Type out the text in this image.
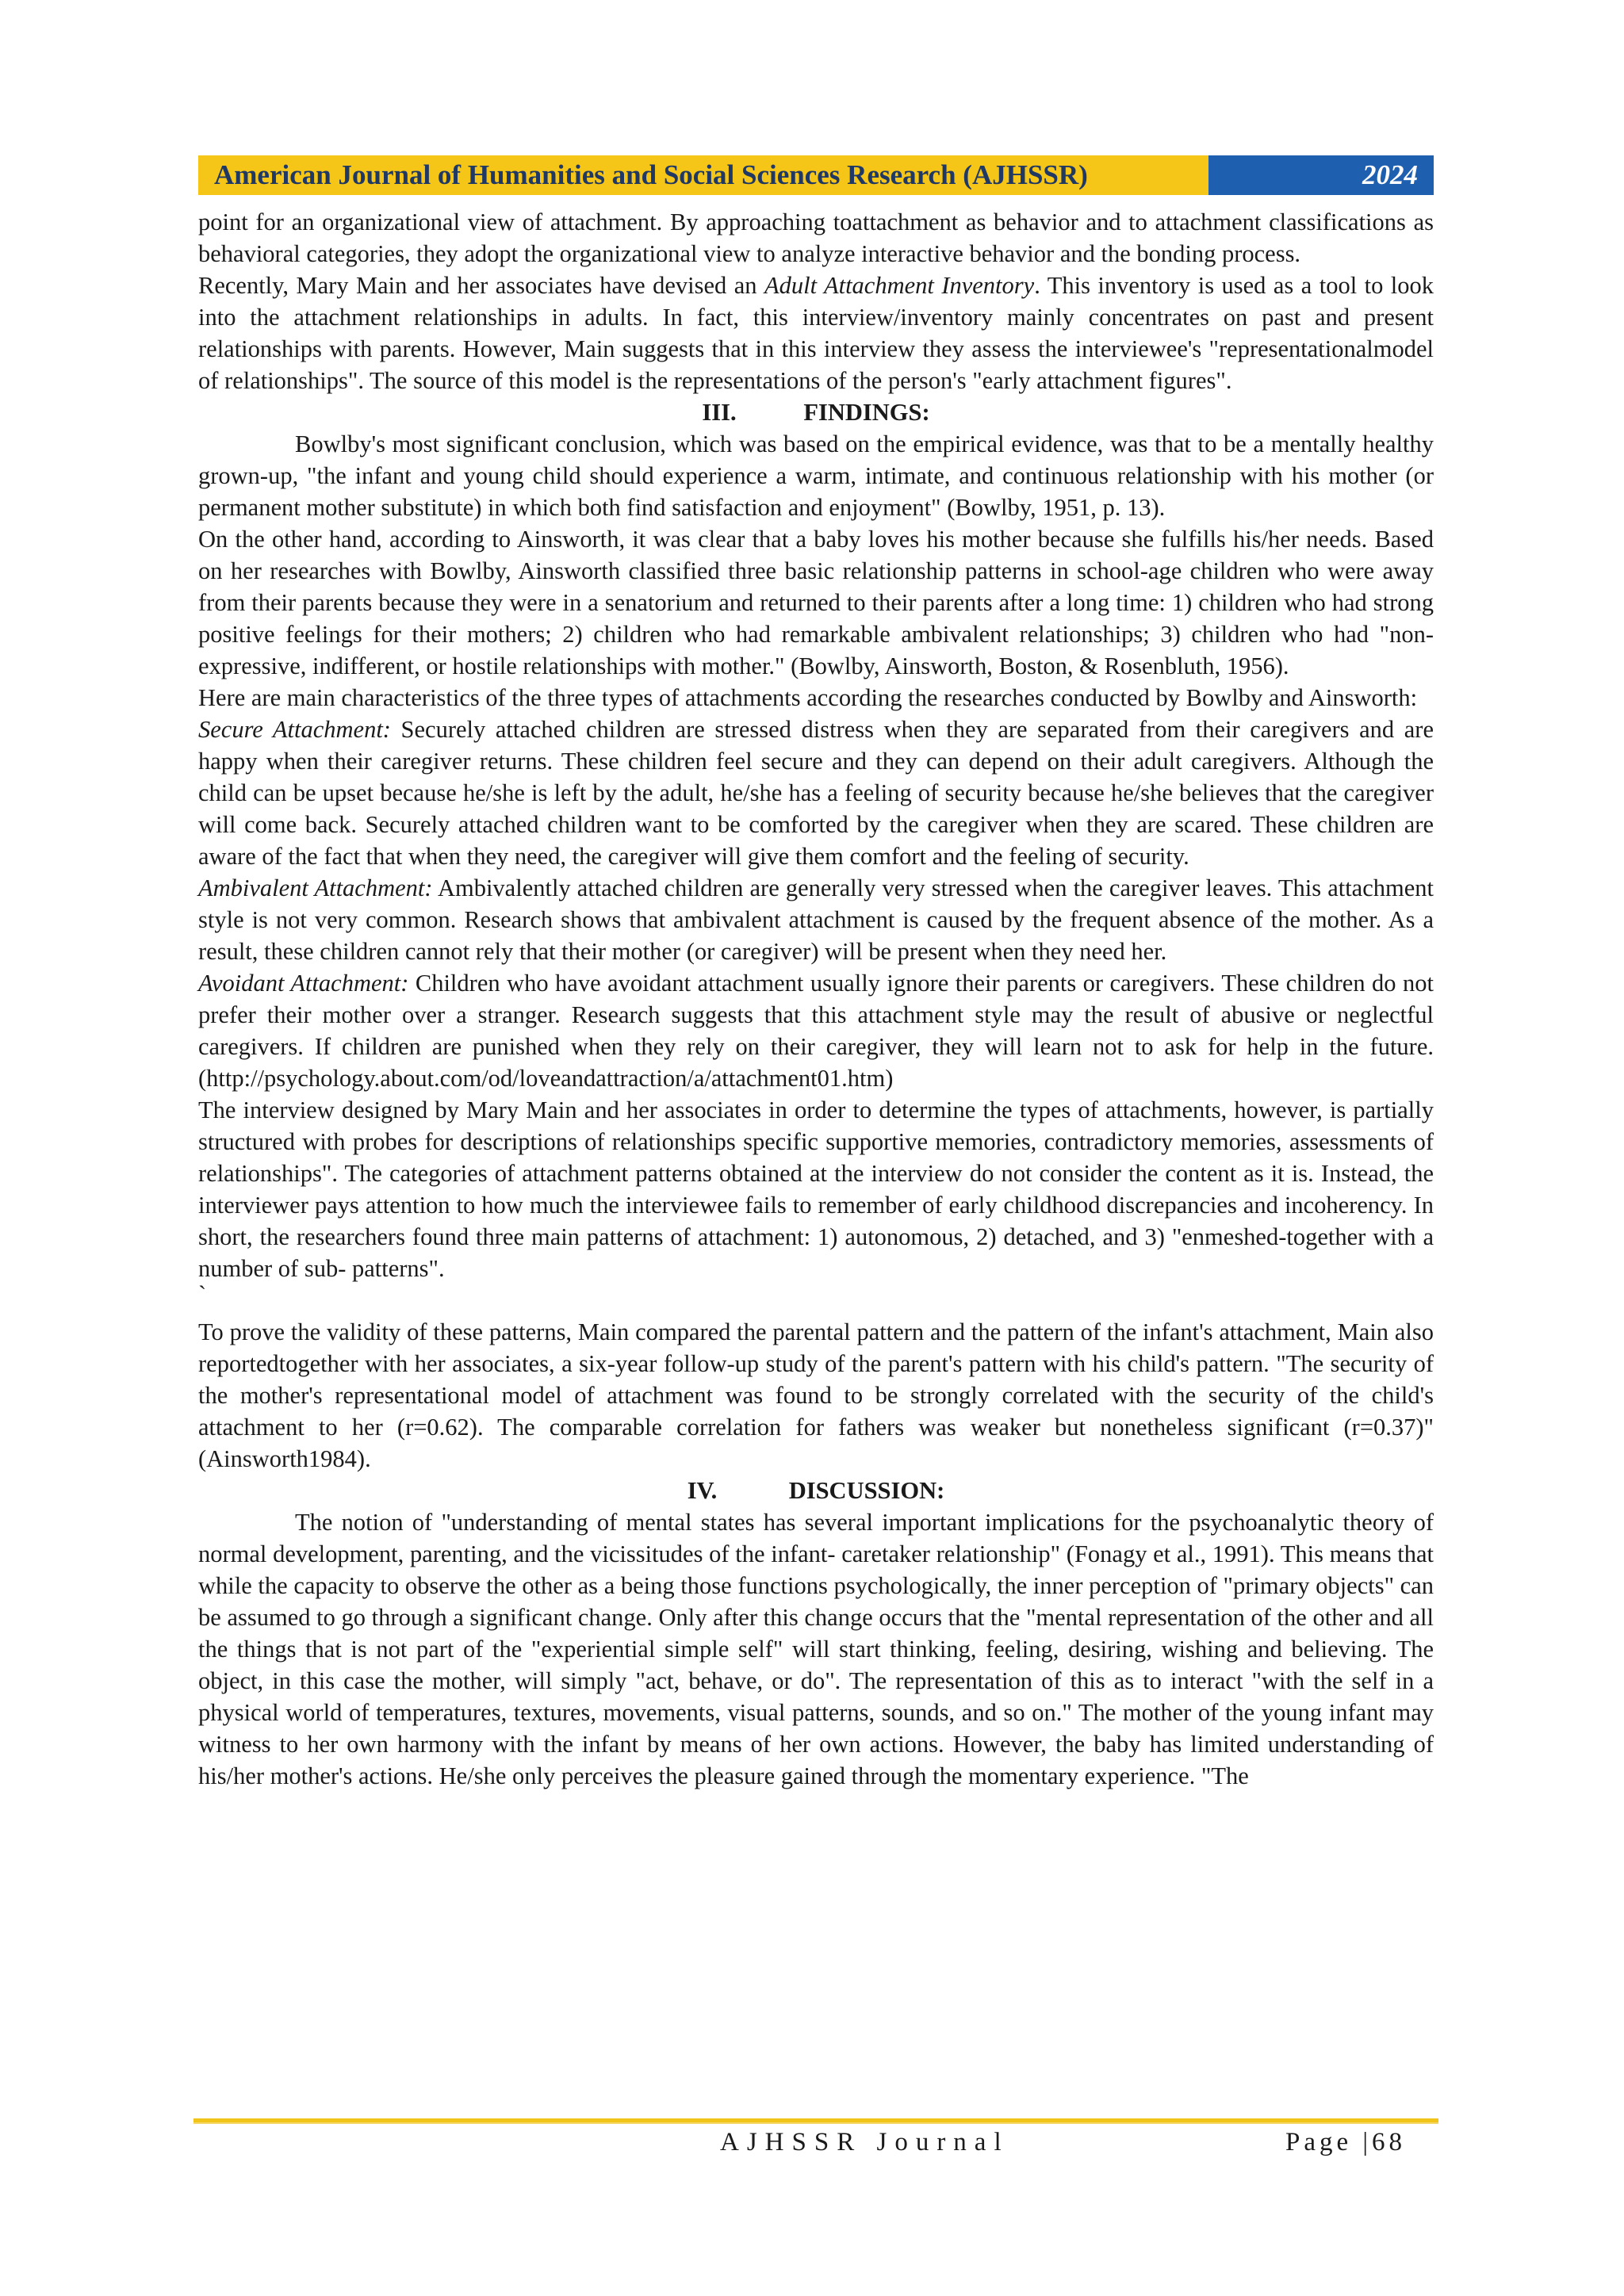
American Journal of Humanities and Social Sciences Research (AJHSSR)	2024

point for an organizational view of attachment. By approaching toattachment as behavior and to attachment classifications as behavioral categories, they adopt the organizational view to analyze interactive behavior and the bonding process.

Recently, Mary Main and her associates have devised an Adult Attachment Inventory. This inventory is used as a tool to look into the attachment relationships in adults. In fact, this interview/inventory mainly concentrates on past and present relationships with parents. However, Main suggests that in this interview they assess the interviewee's "representationalmodel of relationships". The source of this model is the representations of the person's "early attachment figures".

III.	FINDINGS:

Bowlby's most significant conclusion, which was based on the empirical evidence, was that to be a mentally healthy grown-up, "the infant and young child should experience a warm, intimate, and continuous relationship with his mother (or permanent mother substitute) in which both find satisfaction and enjoyment" (Bowlby, 1951, p. 13).

On the other hand, according to Ainsworth, it was clear that a baby loves his mother because she fulfills his/her needs. Based on her researches with Bowlby, Ainsworth classified three basic relationship patterns in school-age children who were away from their parents because they were in a senatorium and returned to their parents after a long time: 1) children who had strong positive feelings for their mothers; 2) children who had remarkable ambivalent relationships; 3) children who had "non-expressive, indifferent, or hostile relationships with mother." (Bowlby, Ainsworth, Boston, & Rosenbluth, 1956).

Here are main characteristics of the three types of attachments according the researches conducted by Bowlby and Ainsworth:

Secure Attachment: Securely attached children are stressed distress when they are separated from their caregivers and are happy when their caregiver returns. These children feel secure and they can depend on their adult caregivers. Although the child can be upset because he/she is left by the adult, he/she has a feeling of security because he/she believes that the caregiver will come back. Securely attached children want to be comforted by the caregiver when they are scared. These children are aware of the fact that when they need, the caregiver will give them comfort and the feeling of security.

Ambivalent Attachment: Ambivalently attached children are generally very stressed when the caregiver leaves. This attachment style is not very common. Research shows that ambivalent attachment is caused by the frequent absence of the mother. As a result, these children cannot rely that their mother (or caregiver) will be present when they need her.

Avoidant Attachment: Children who have avoidant attachment usually ignore their parents or caregivers. These children do not prefer their mother over a stranger. Research suggests that this attachment style may the result of abusive or neglectful caregivers. If children are punished when they rely on their caregiver, they will learn not to ask for help in the future. (http://psychology.about.com/od/loveandattraction/a/attachment01.htm)

The interview designed by Mary Main and her associates in order to determine the types of attachments, however, is partially structured with probes for descriptions of relationships specific supportive memories, contradictory memories, assessments of relationships". The categories of attachment patterns obtained at the interview do not consider the content as it is. Instead, the interviewer pays attention to how much the interviewee fails to remember of early childhood discrepancies and incoherency. In short, the researchers found three main patterns of attachment: 1) autonomous, 2) detached, and 3) "enmeshed-together with a number of sub- patterns".

`

To prove the validity of these patterns, Main compared the parental pattern and the pattern of the infant's attachment, Main also reportedtogether with her associates, a six-year follow-up study of the parent's pattern with his child's pattern. "The security of the mother's representational model of attachment was found to be strongly correlated with the security of the child's attachment to her (r=0.62). The comparable correlation for fathers was weaker but nonetheless significant (r=0.37)"(Ainsworth1984).

IV.	DISCUSSION:

The notion of "understanding of mental states has several important implications for the psychoanalytic theory of normal development, parenting, and the vicissitudes of the infant- caretaker relationship" (Fonagy et al., 1991). This means that while the capacity to observe the other as a being those functions psychologically, the inner perception of "primary objects" can be assumed to go through a significant change. Only after this change occurs that the "mental representation of the other and all the things that is not part of the "experiential simple self" will start thinking, feeling, desiring, wishing and believing. The object, in this case the mother, will simply "act, behave, or do". The representation of this as to interact "with the self in a physical world of temperatures, textures, movements, visual patterns, sounds, and so on." The mother of the young infant may witness to her own harmony with the infant by means of her own actions. However, the baby has limited understanding of his/her mother's actions. He/she only perceives the pleasure gained through the momentary experience. "The

AJHSSR Journal	Page |68
